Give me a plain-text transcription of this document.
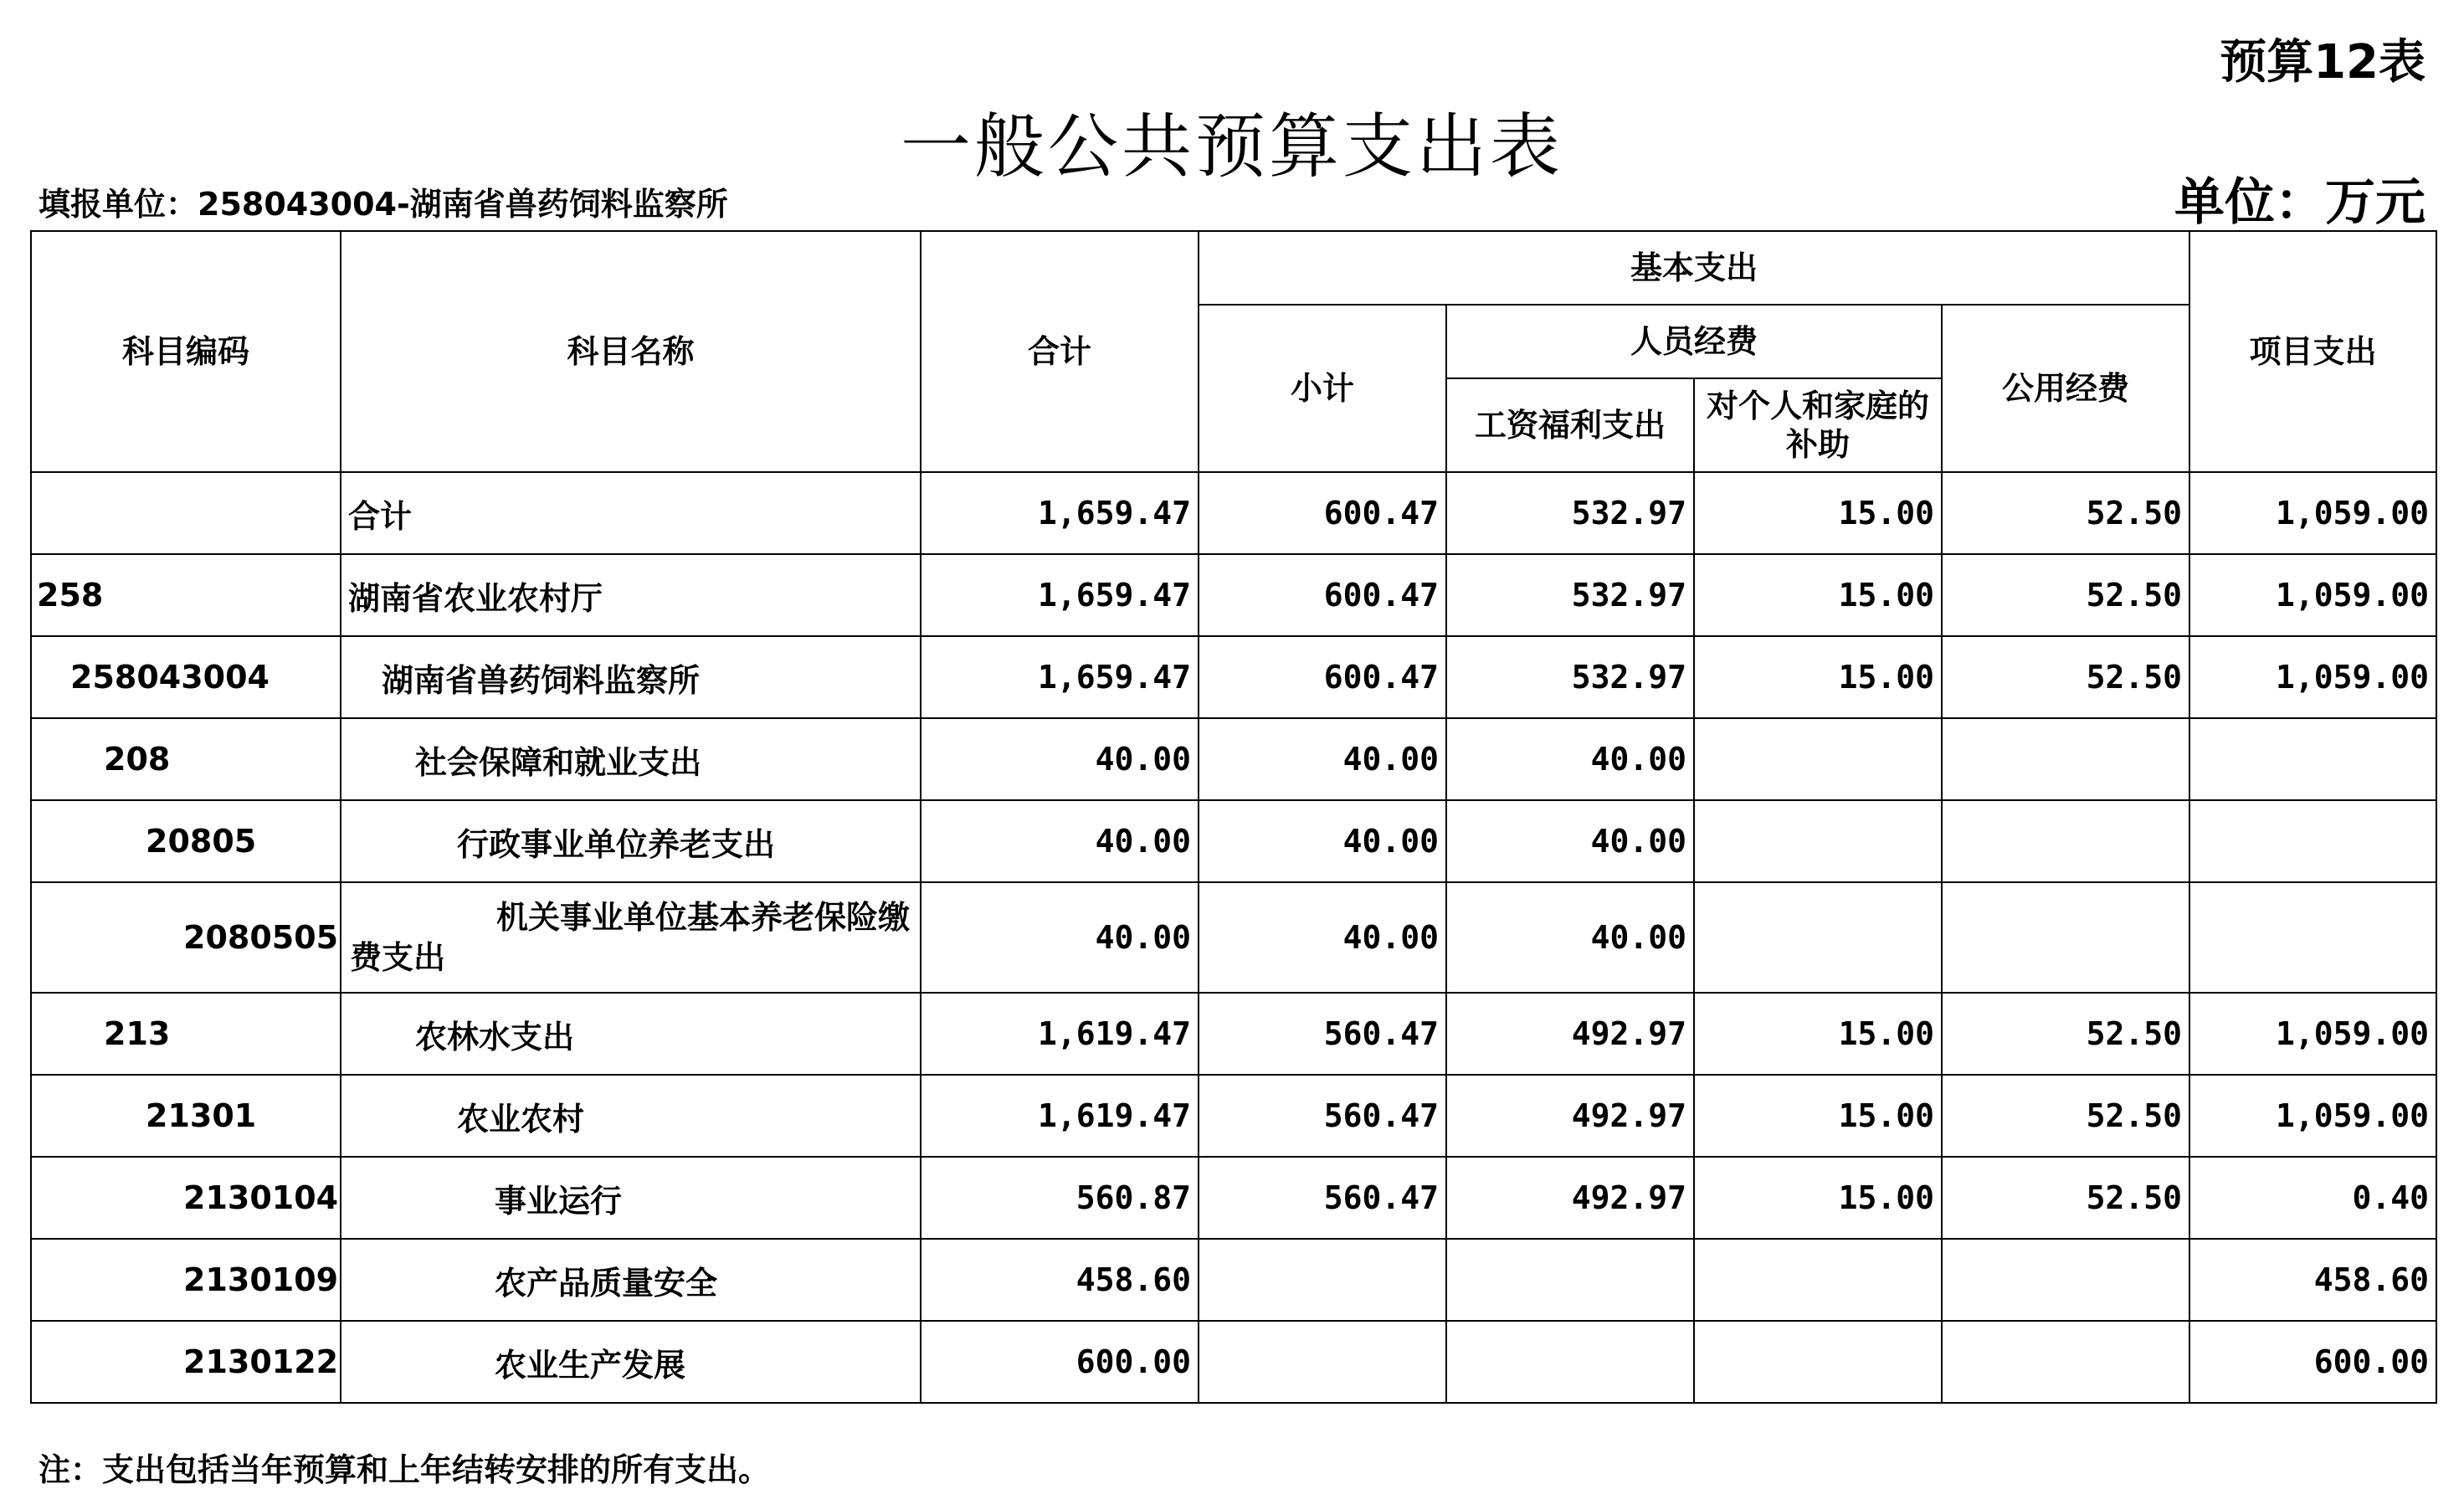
预算12表
一般公共预算支出表
填报单位：258043004-湖南省兽药饲料监察所	单位：万元
科目编码	科目名称	合计	基本支出				项目支出
			小计	人员经费		公用经费	
				工资福利支出	对个人和家庭的补助		
	合计	1,659.47	600.47	532.97	15.00	52.50	1,059.00
258	湖南省农业农村厅	1,659.47	600.47	532.97	15.00	52.50	1,059.00
258043004	湖南省兽药饲料监察所	1,659.47	600.47	532.97	15.00	52.50	1,059.00
208	社会保障和就业支出	40.00	40.00	40.00			
20805	行政事业单位养老支出	40.00	40.00	40.00			
2080505	机关事业单位基本养老保险缴费支出	40.00	40.00	40.00			
213	农林水支出	1,619.47	560.47	492.97	15.00	52.50	1,059.00
21301	农业农村	1,619.47	560.47	492.97	15.00	52.50	1,059.00
2130104	事业运行	560.87	560.47	492.97	15.00	52.50	0.40
2130109	农产品质量安全	458.60					458.60
2130122	农业生产发展	600.00					600.00
注：支出包括当年预算和上年结转安排的所有支出。
